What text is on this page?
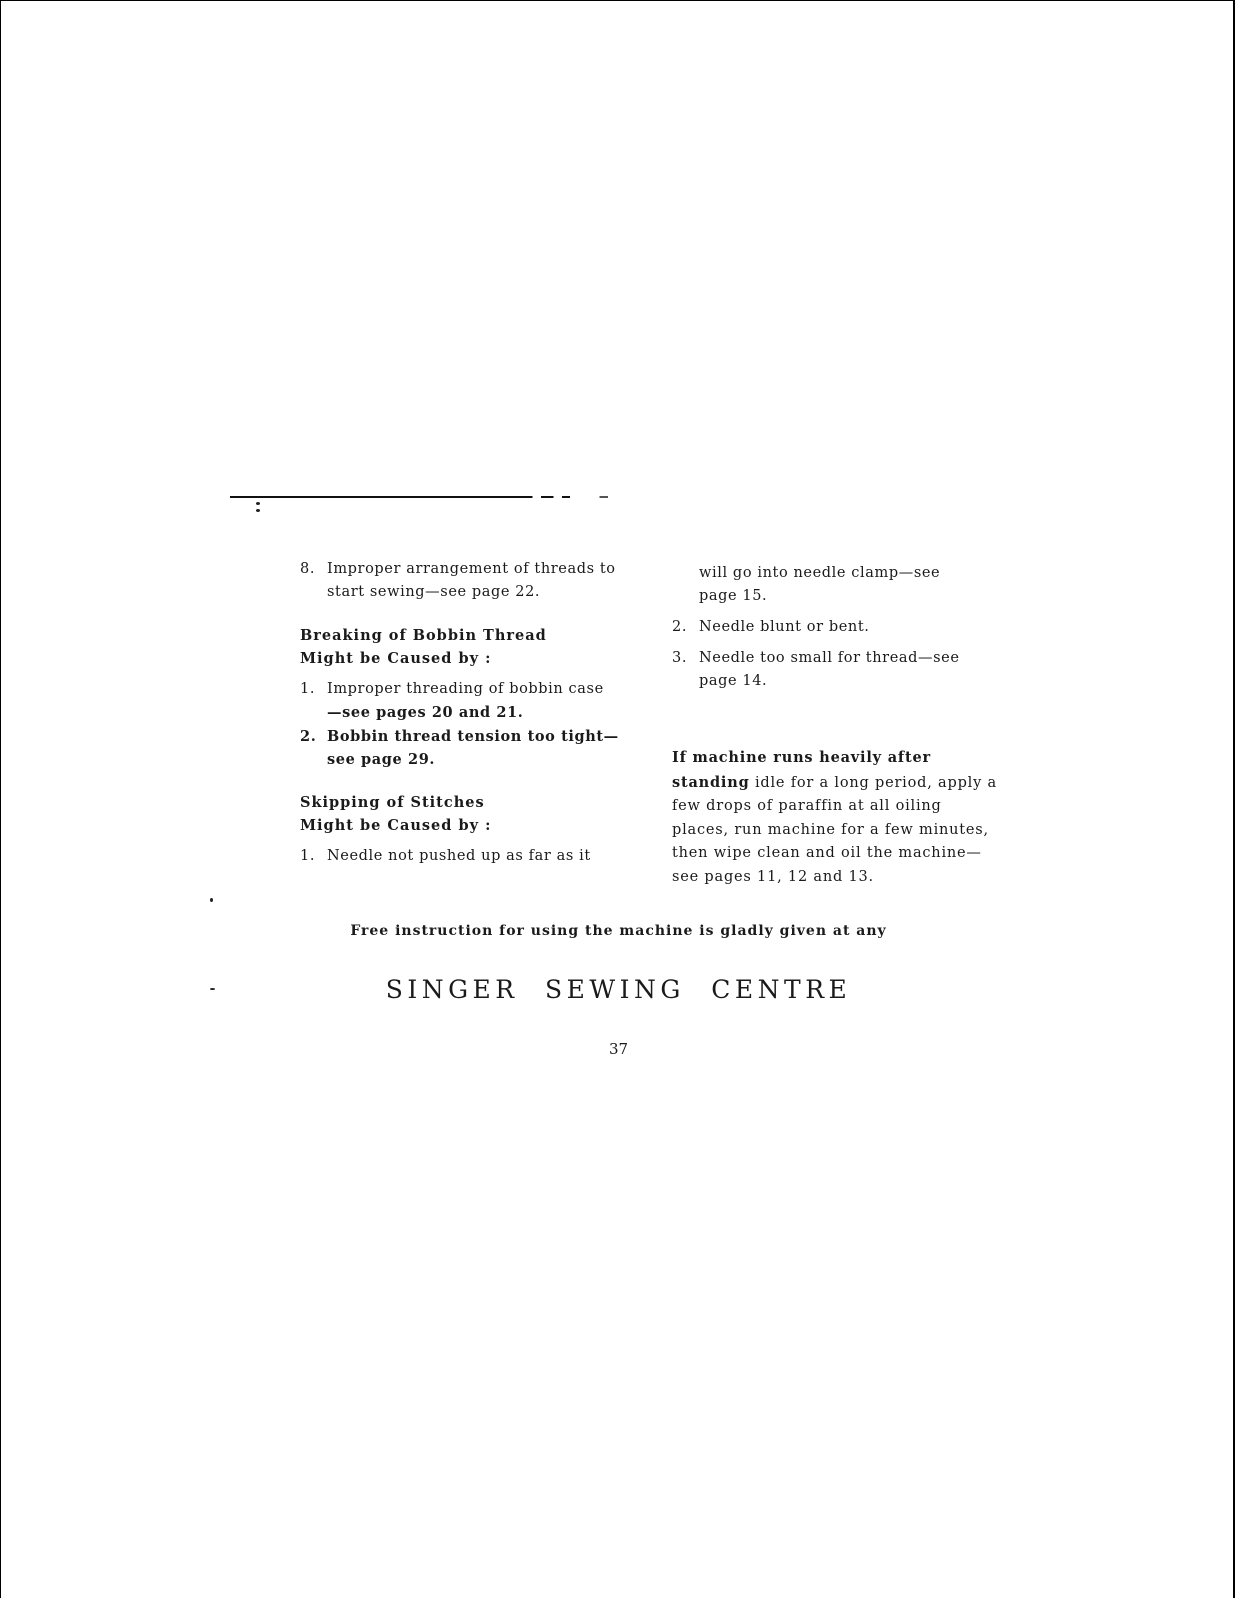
8. Improper arrangement of threads to
start sewing—see page 22.

Breaking of Bobbin Thread

Might be Caused by :

1. Improper threading of bobbin case
—see pages 20 and 21.

2. Bobbin thread tension too tight—
see page 29.

Skipping of Stitches

Might be Caused by :

1. Needle not pushed up as far as it

will go into needle clamp—see
page 15.

2. Needle blunt or bent.

3. Needle too small for thread—see
page 14.

If machine runs heavily after standing idle for a long period, apply a few drops of paraffin at all oiling places, run machine for a few minutes, then wipe clean and oil the machine—see pages 11, 12 and 13.
Free instruction for using the machine is gladly given at any
SINGER SEWING CENTRE
37
